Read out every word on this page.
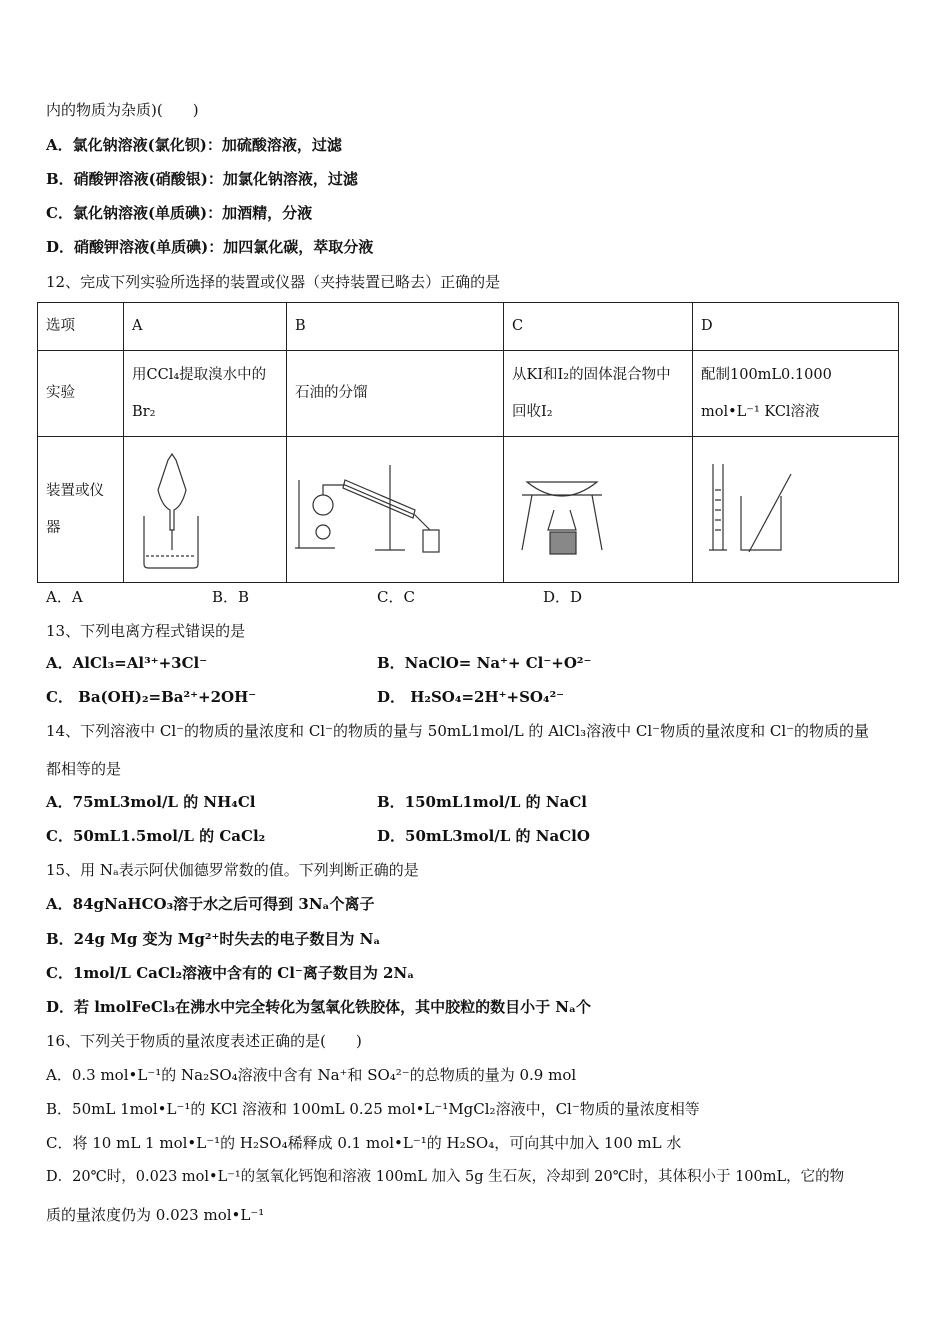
内的物质为杂质)(　　)
A．氯化钠溶液(氯化钡)：加硫酸溶液，过滤
B．硝酸钾溶液(硝酸银)：加氯化钠溶液，过滤
C．氯化钠溶液(单质碘)：加酒精，分液
D．硝酸钾溶液(单质碘)：加四氯化碳，萃取分液
12、完成下列实验所选择的装置或仪器（夹持装置已略去）正确的是
选项	A	B	C	D
实验	用CCl₄提取溴水中的Br₂	石油的分馏	从KI和I₂的固体混合物中回收I₂	配制100mL0.1000 mol•L⁻¹ KCl溶液
装置或仪器	

A．A	B．B	C．C	D．D
13、下列电离方程式错误的是
A．AlCl₃=Al³⁺+3Cl⁻	B．NaClO= Na⁺+ Cl⁻+O²⁻
C． Ba(OH)₂=Ba²⁺+2OH⁻	D． H₂SO₄=2H⁺+SO₄²⁻
14、下列溶液中 Cl⁻的物质的量浓度和 Cl⁻的物质的量与 50mL1mol/L 的 AlCl₃溶液中 Cl⁻物质的量浓度和 Cl⁻的物质的量
都相等的是
A．75mL3mol/L 的 NH₄Cl	B．150mL1mol/L 的 NaCl
C．50mL1.5mol/L 的 CaCl₂	D．50mL3mol/L 的 NaClO
15、用 Nₐ表示阿伏伽德罗常数的值。下列判断正确的是
A．84gNaHCO₃溶于水之后可得到 3Nₐ个离子
B．24g Mg 变为 Mg²⁺时失去的电子数目为 Nₐ
C．1mol/L CaCl₂溶液中含有的 Cl⁻离子数目为 2Nₐ
D．若 lmolFeCl₃在沸水中完全转化为氢氧化铁胶体，其中胶粒的数目小于 Nₐ个
16、下列关于物质的量浓度表述正确的是(　　)
A．0.3 mol•L⁻¹的 Na₂SO₄溶液中含有 Na⁺和 SO₄²⁻的总物质的量为 0.9 mol
B．50mL 1mol•L⁻¹的 KCl 溶液和 100mL 0.25 mol•L⁻¹MgCl₂溶液中，Cl⁻物质的量浓度相等
C．将 10 mL 1 mol•L⁻¹的 H₂SO₄稀释成 0.1 mol•L⁻¹的 H₂SO₄，可向其中加入 100 mL 水
D．20℃时，0.023 mol•L⁻¹的氢氧化钙饱和溶液 100mL 加入 5g 生石灰，冷却到 20℃时，其体积小于 100mL，它的物
质的量浓度仍为 0.023 mol•L⁻¹
